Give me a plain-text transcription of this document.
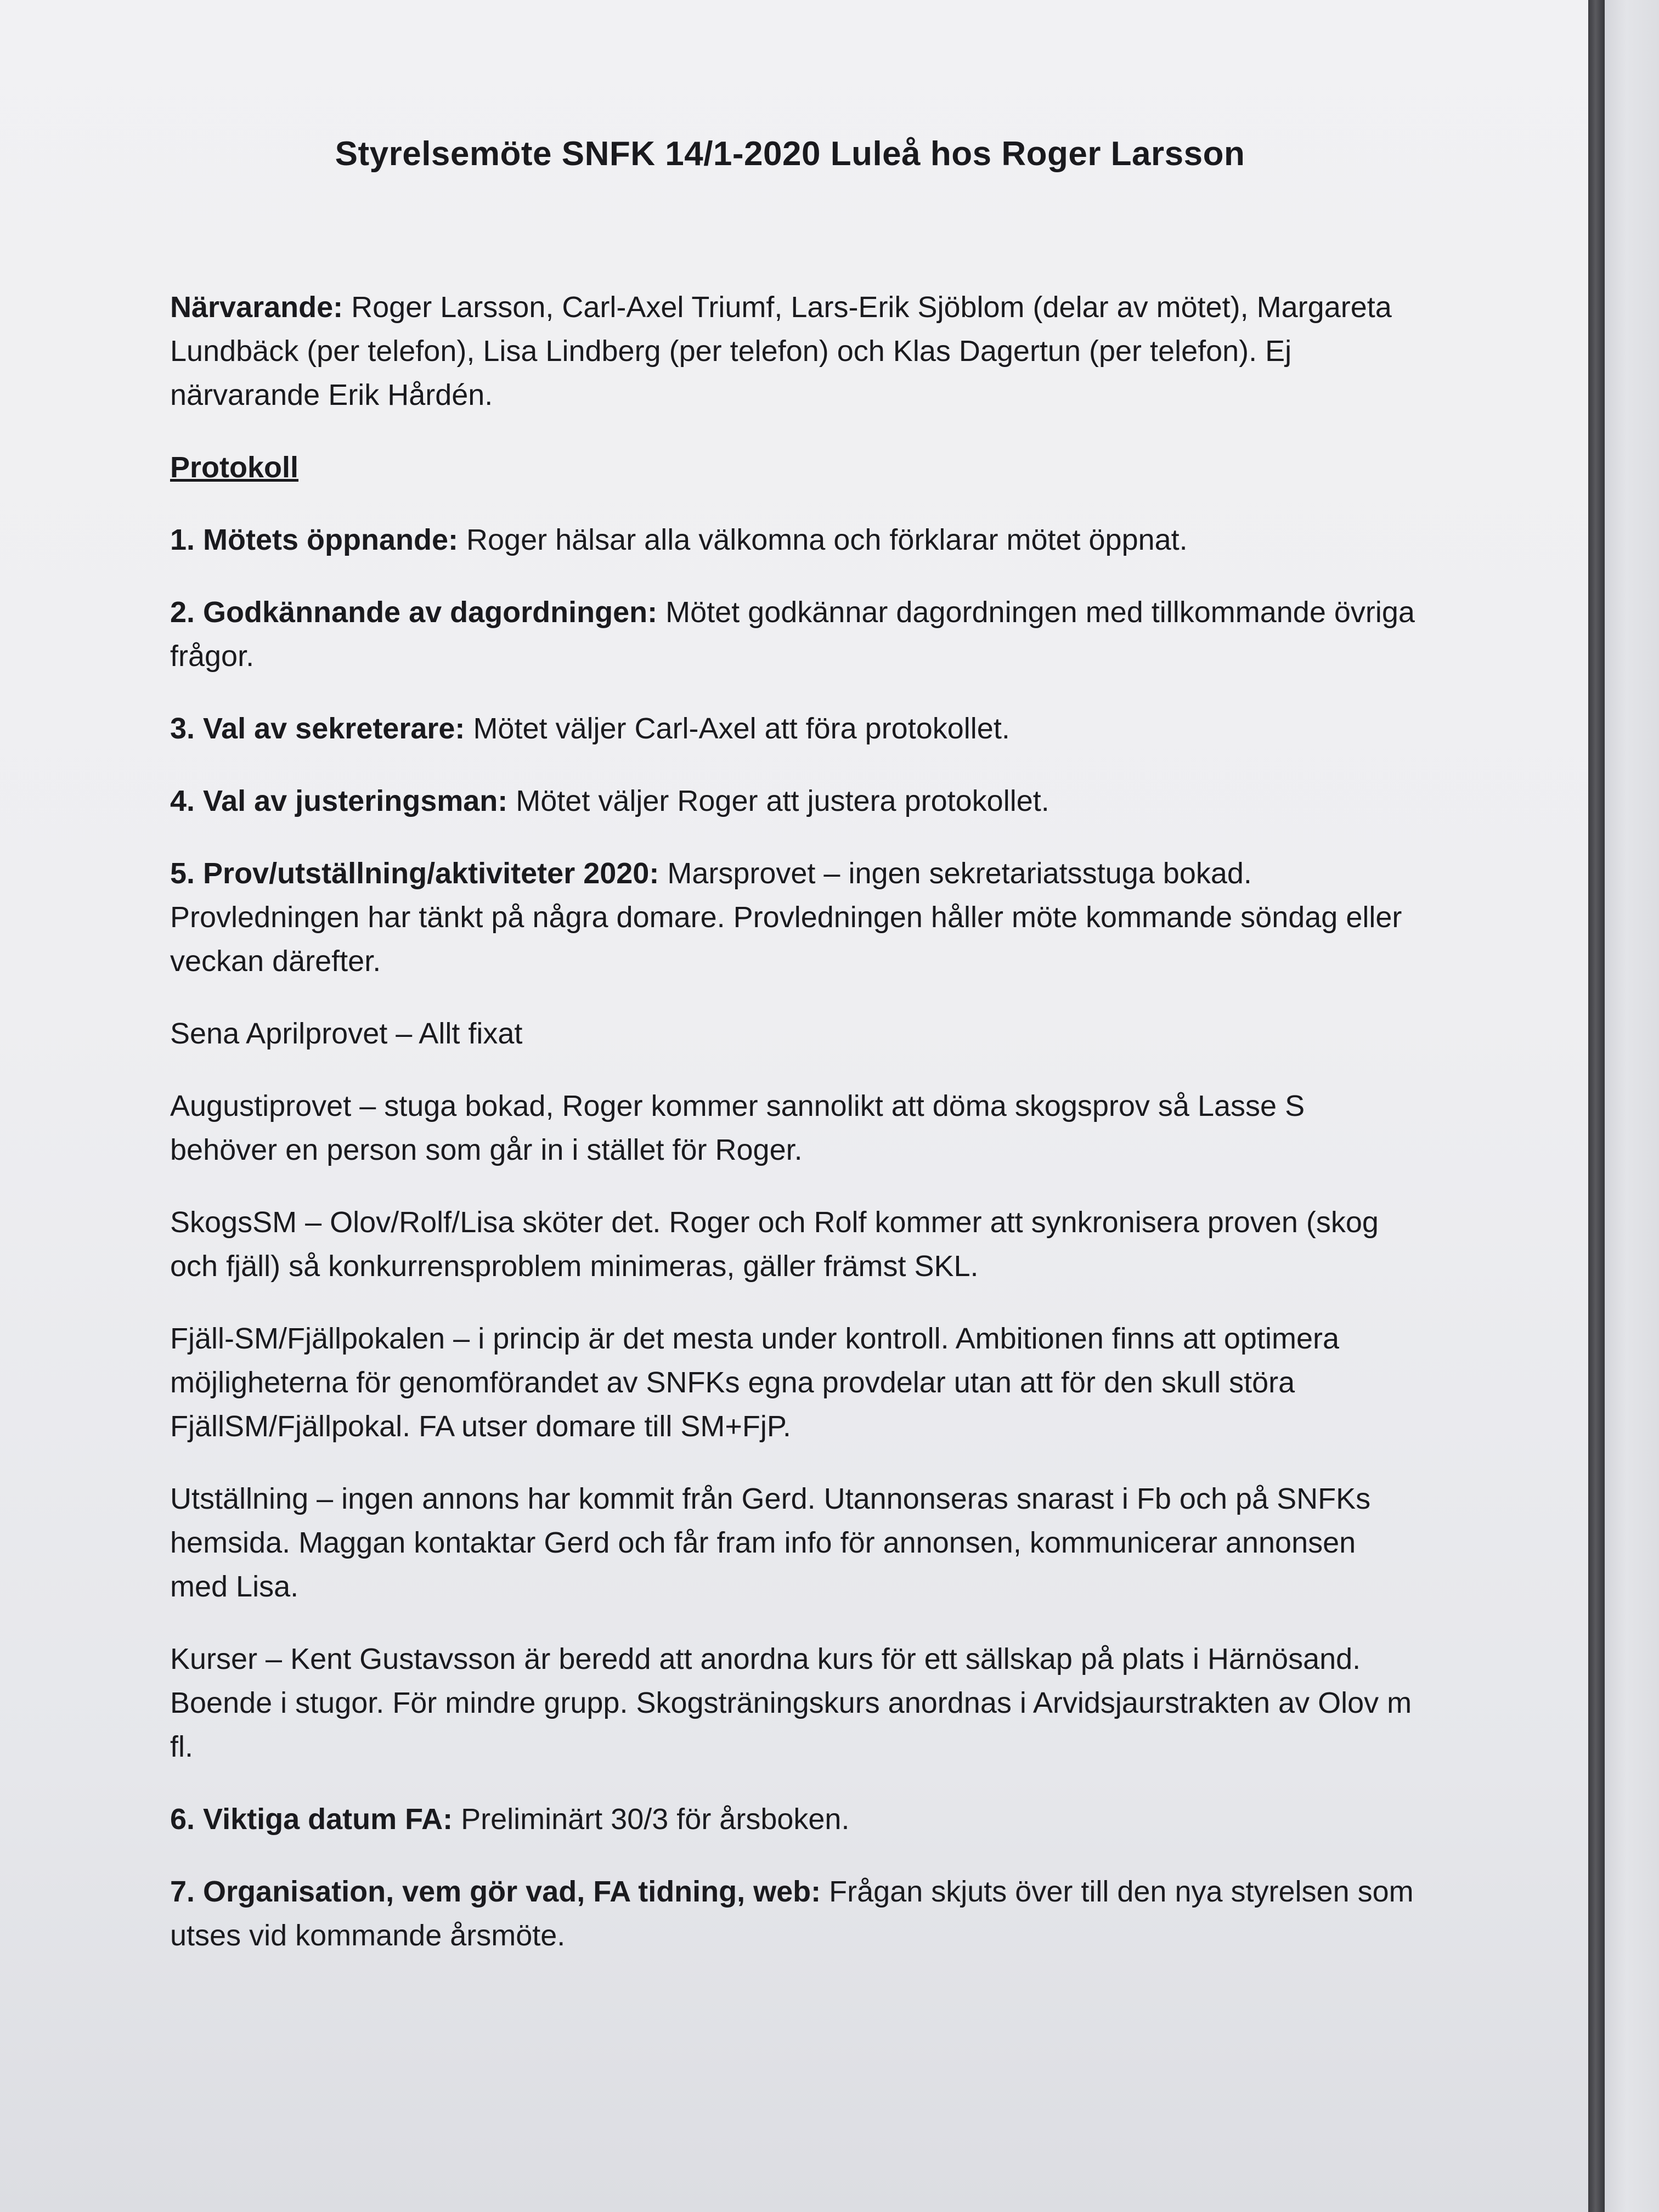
Styrelsemöte SNFK 14/1-2020 Luleå hos Roger Larsson

Närvarande: Roger Larsson, Carl-Axel Triumf, Lars-Erik Sjöblom (delar av mötet), Margareta Lundbäck (per telefon), Lisa Lindberg (per telefon) och Klas Dagertun (per telefon). Ej närvarande Erik Hårdén.

Protokoll

1. Mötets öppnande: Roger hälsar alla välkomna och förklarar mötet öppnat.

2. Godkännande av dagordningen: Mötet godkännar dagordningen med tillkommande övriga frågor.

3. Val av sekreterare: Mötet väljer Carl-Axel att föra protokollet.

4. Val av justeringsman: Mötet väljer Roger att justera protokollet.

5. Prov/utställning/aktiviteter 2020: Marsprovet – ingen sekretariatsstuga bokad. Provledningen har tänkt på några domare. Provledningen håller möte kommande söndag eller veckan därefter.

Sena Aprilprovet – Allt fixat

Augustiprovet – stuga bokad, Roger kommer sannolikt att döma skogsprov så Lasse S behöver en person som går in i stället för Roger.

SkogsSM – Olov/Rolf/Lisa sköter det. Roger och Rolf kommer att synkronisera proven (skog och fjäll) så konkurrensproblem minimeras, gäller främst SKL.

Fjäll-SM/Fjällpokalen – i princip är det mesta under kontroll. Ambitionen finns att optimera möjligheterna för genomförandet av SNFKs egna provdelar utan att för den skull störa FjällSM/Fjällpokal. FA utser domare till SM+FjP.

Utställning – ingen annons har kommit från Gerd. Utannonseras snarast i Fb och på SNFKs hemsida. Maggan kontaktar Gerd och får fram info för annonsen, kommunicerar annonsen med Lisa.

Kurser – Kent Gustavsson är beredd att anordna kurs för ett sällskap på plats i Härnösand. Boende i stugor. För mindre grupp. Skogsträningskurs anordnas i Arvidsjaurstrakten av Olov m fl.

6. Viktiga datum FA: Preliminärt 30/3 för årsboken.

7. Organisation, vem gör vad, FA tidning, web: Frågan skjuts över till den nya styrelsen som utses vid kommande årsmöte.
